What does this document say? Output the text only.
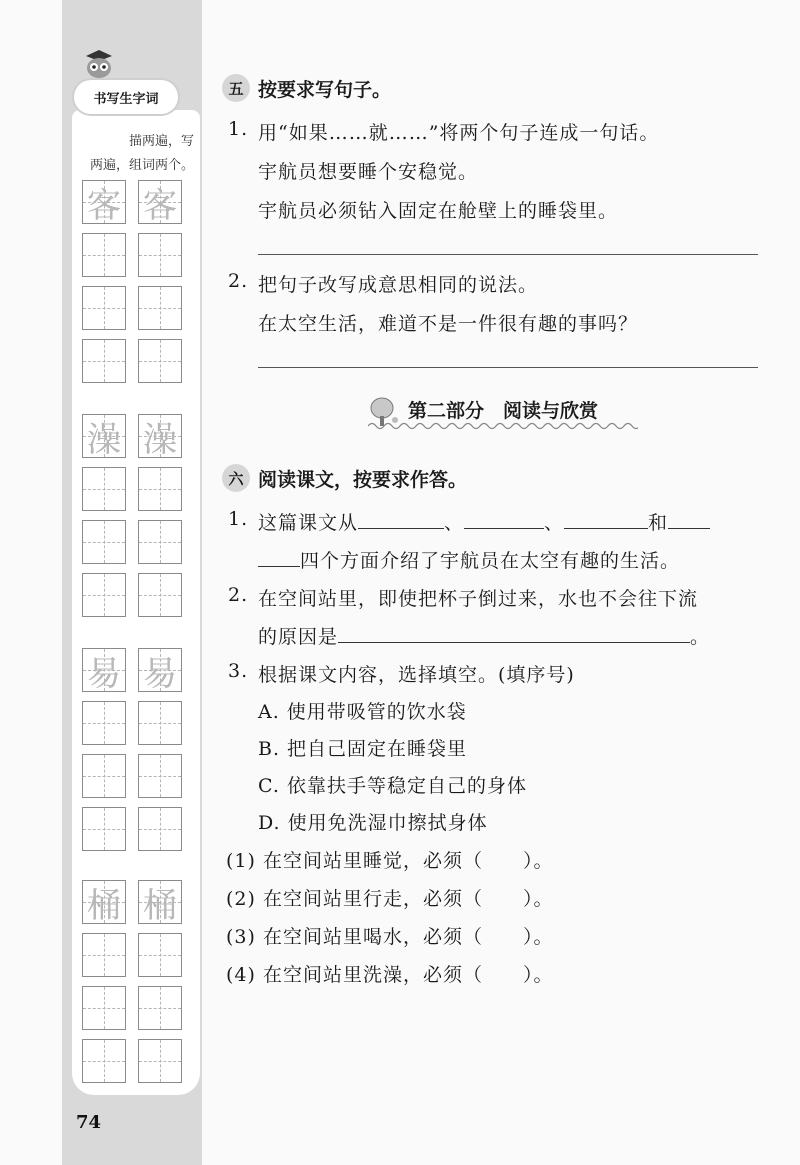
书写生字词
描两遍，写
两遍，组词两个。
客 客
澡 澡
易 易
桶 桶
74
五 按要求写句子。
1. 用“如果……就……”将两个句子连成一句话。
宇航员想要睡个安稳觉。
宇航员必须钻入固定在舱壁上的睡袋里。
2. 把句子改写成意思相同的说法。
在太空生活，难道不是一件很有趣的事吗？
第二部分　阅读与欣赏
六 阅读课文，按要求作答。
1. 这篇课文从	、	、	和
四个方面介绍了宇航员在太空有趣的生活。
2. 在空间站里，即使把杯子倒过来，水也不会往下流
的原因是	。
3. 根据课文内容，选择填空。(填序号)
A. 使用带吸管的饮水袋
B. 把自己固定在睡袋里
C. 依靠扶手等稳定自己的身体
D. 使用免洗湿巾擦拭身体
(1) 在空间站里睡觉，必须（　　）。
(2) 在空间站里行走，必须（　　）。
(3) 在空间站里喝水，必须（　　）。
(4) 在空间站里洗澡，必须（　　）。
